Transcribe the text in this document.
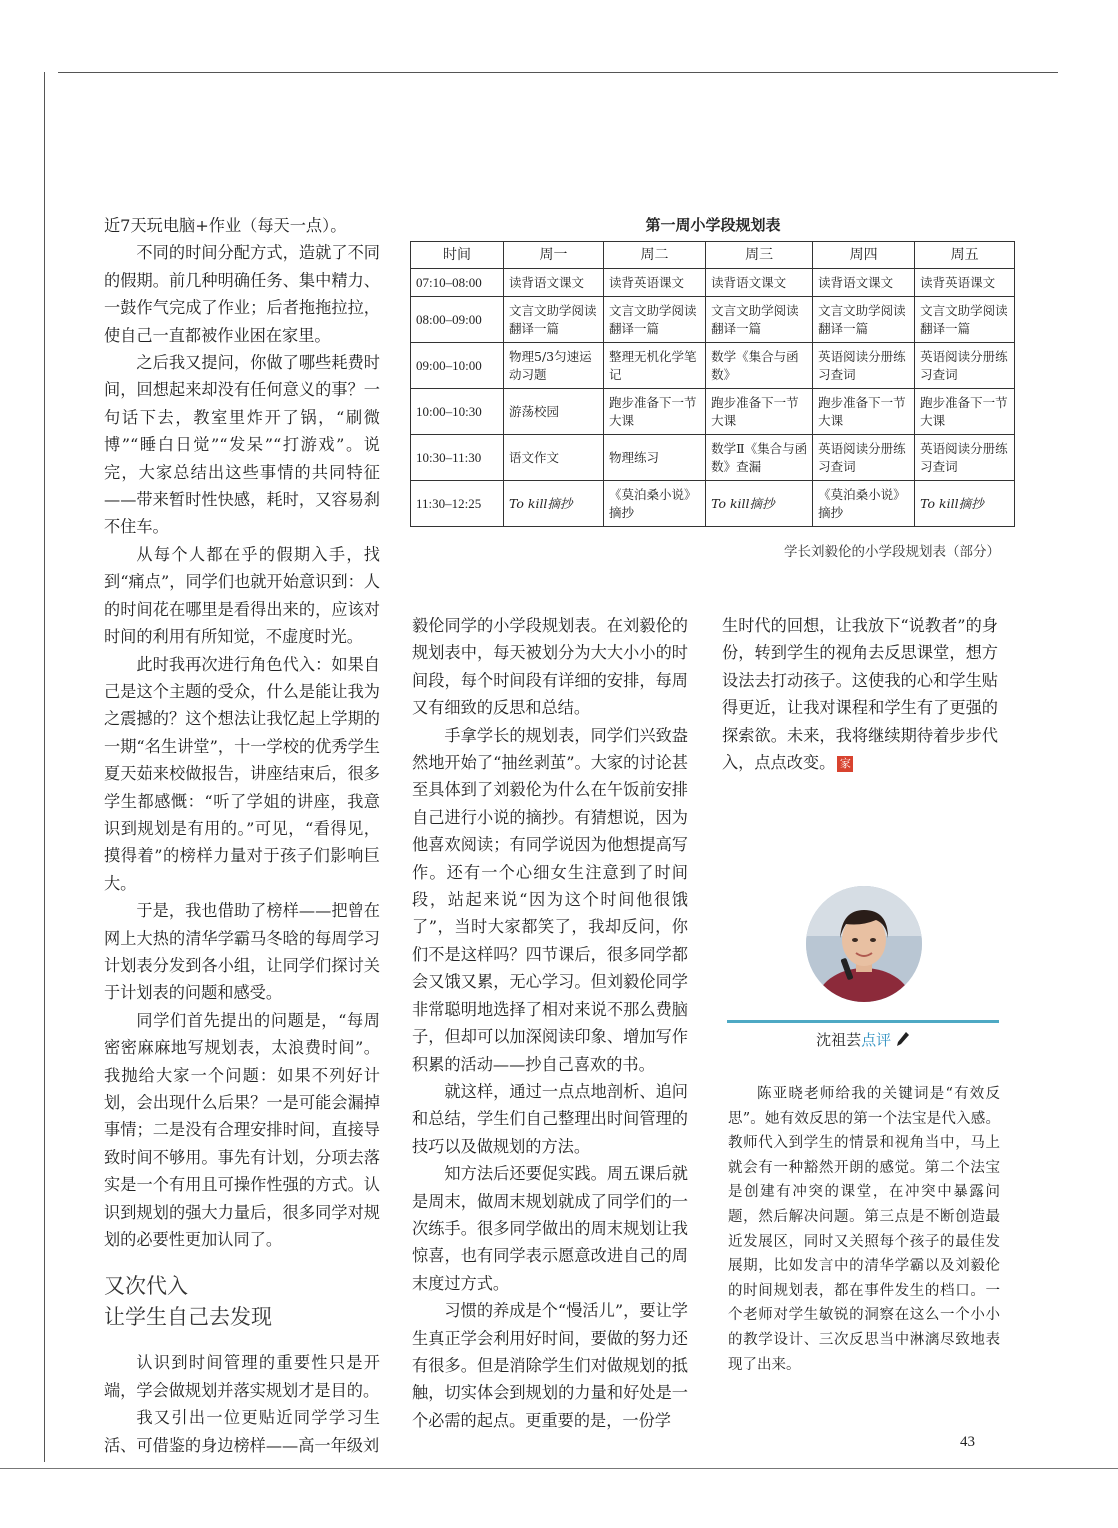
近7天玩电脑+作业（每天一点）。

不同的时间分配方式，造就了不同的假期。前几种明确任务、集中精力、一鼓作气完成了作业；后者拖拖拉拉，使自己一直都被作业困在家里。

之后我又提问，你做了哪些耗费时间，回想起来却没有任何意义的事？一句话下去，教室里炸开了锅，“刷微博”“睡白日觉”“发呆”“打游戏”。说完，大家总结出这些事情的共同特征——带来暂时性快感，耗时，又容易刹不住车。

从每个人都在乎的假期入手，找到“痛点”，同学们也就开始意识到：人的时间花在哪里是看得出来的，应该对时间的利用有所知觉，不虚度时光。

此时我再次进行角色代入：如果自己是这个主题的受众，什么是能让我为之震撼的？这个想法让我忆起上学期的一期“名生讲堂”，十一学校的优秀学生夏天茹来校做报告，讲座结束后，很多学生都感慨：“听了学姐的讲座，我意识到规划是有用的。”可见，“看得见，摸得着”的榜样力量对于孩子们影响巨大。

于是，我也借助了榜样——把曾在网上大热的清华学霸马冬晗的每周学习计划表分发到各小组，让同学们探讨关于计划表的问题和感受。

同学们首先提出的问题是，“每周密密麻麻地写规划表，太浪费时间”。我抛给大家一个问题：如果不列好计划，会出现什么后果？一是可能会漏掉事情；二是没有合理安排时间，直接导致时间不够用。事先有计划，分项去落实是一个有用且可操作性强的方式。认识到规划的强大力量后，很多同学对规划的必要性更加认同了。

又次代入
让学生自己去发现

认识到时间管理的重要性只是开端，学会做规划并落实规划才是目的。

我又引出一位更贴近同学学习生活、可借鉴的身边榜样——高一年级刘

第一周小学段规划表
时间	周一	周二	周三	周四	周五
07:10–08:00	读背语文课文	读背英语课文	读背语文课文	读背语文课文	读背英语课文
08:00–09:00	文言文助学阅读翻译一篇	文言文助学阅读翻译一篇	文言文助学阅读翻译一篇	文言文助学阅读翻译一篇	文言文助学阅读翻译一篇
09:00–10:00	物理5/3匀速运动习题	整理无机化学笔记	数学《集合与函数》	英语阅读分册练习查词	英语阅读分册练习查词
10:00–10:30	游荡校园	跑步准备下一节大课	跑步准备下一节大课	跑步准备下一节大课	跑步准备下一节大课
10:30–11:30	语文作文	物理练习	数学Ⅱ《集合与函数》查漏	英语阅读分册练习查词	英语阅读分册练习查词
11:30–12:25	To kill摘抄	《莫泊桑小说》摘抄	To kill摘抄	《莫泊桑小说》摘抄	To kill摘抄
学长刘毅伦的小学段规划表（部分）

毅伦同学的小学段规划表。在刘毅伦的规划表中，每天被划分为大大小小的时间段，每个时间段有详细的安排，每周又有细致的反思和总结。

手拿学长的规划表，同学们兴致盎然地开始了“抽丝剥茧”。大家的讨论甚至具体到了刘毅伦为什么在午饭前安排自己进行小说的摘抄。有猜想说，因为他喜欢阅读；有同学说因为他想提高写作。还有一个心细女生注意到了时间段，站起来说“因为这个时间他很饿了”，当时大家都笑了，我却反问，你们不是这样吗？四节课后，很多同学都会又饿又累，无心学习。但刘毅伦同学非常聪明地选择了相对来说不那么费脑子，但却可以加深阅读印象、增加写作积累的活动——抄自己喜欢的书。

就这样，通过一点点地剖析、追问和总结，学生们自己整理出时间管理的技巧以及做规划的方法。

知方法后还要促实践。周五课后就是周末，做周末规划就成了同学们的一次练手。很多同学做出的周末规划让我惊喜，也有同学表示愿意改进自己的周末度过方式。

习惯的养成是个“慢活儿”，要让学生真正学会利用好时间，要做的努力还有很多。但是消除学生们对做规划的抵触，切实体会到规划的力量和好处是一个必需的起点。更重要的是，一份学

生时代的回想，让我放下“说教者”的身份，转到学生的视角去反思课堂，想方设法去打动孩子。这使我的心和学生贴得更近，让我对课程和学生有了更强的探索欲。未来，我将继续期待着步步代入，点点改变。 家

沈祖芸点评

陈亚晓老师给我的关键词是“有效反思”。她有效反思的第一个法宝是代入感。教师代入到学生的情景和视角当中，马上就会有一种豁然开朗的感觉。第二个法宝是创建有冲突的课堂，在冲突中暴露问题，然后解决问题。第三点是不断创造最近发展区，同时又关照每个孩子的最佳发展期，比如发言中的清华学霸以及刘毅伦的时间规划表，都在事件发生的档口。一个老师对学生敏锐的洞察在这么一个小小的教学设计、三次反思当中淋漓尽致地表现了出来。

43
